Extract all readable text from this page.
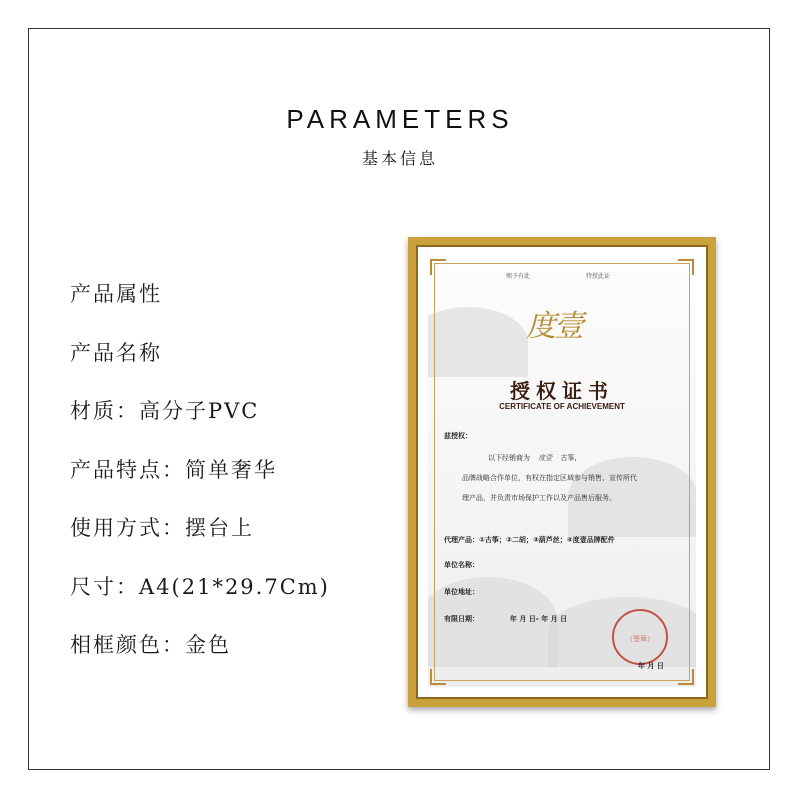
PARAMETERS
基本信息
产品属性
产品名称
材质：高分子PVC
产品特点：简单奢华
使用方式：摆台上
尺寸：A4(21*29.7Cm)
相框颜色：金色
赐予有此	特授此证
度壹
授权证书
CERTIFICATE OF ACHIEVEMENT
兹授权：
以下经销商为 度壹 古筝,
品牌战略合作单位，有权在指定区域参与销售、宣传所代
理产品，并负责市场保护工作以及产品售后服务。
代理产品：①古筝；②二胡；③葫芦丝；④度壹品牌配件
单位名称：
单位地址：
有限日期：	年 月 日- 年 月 日
（签章）
年 月 日
